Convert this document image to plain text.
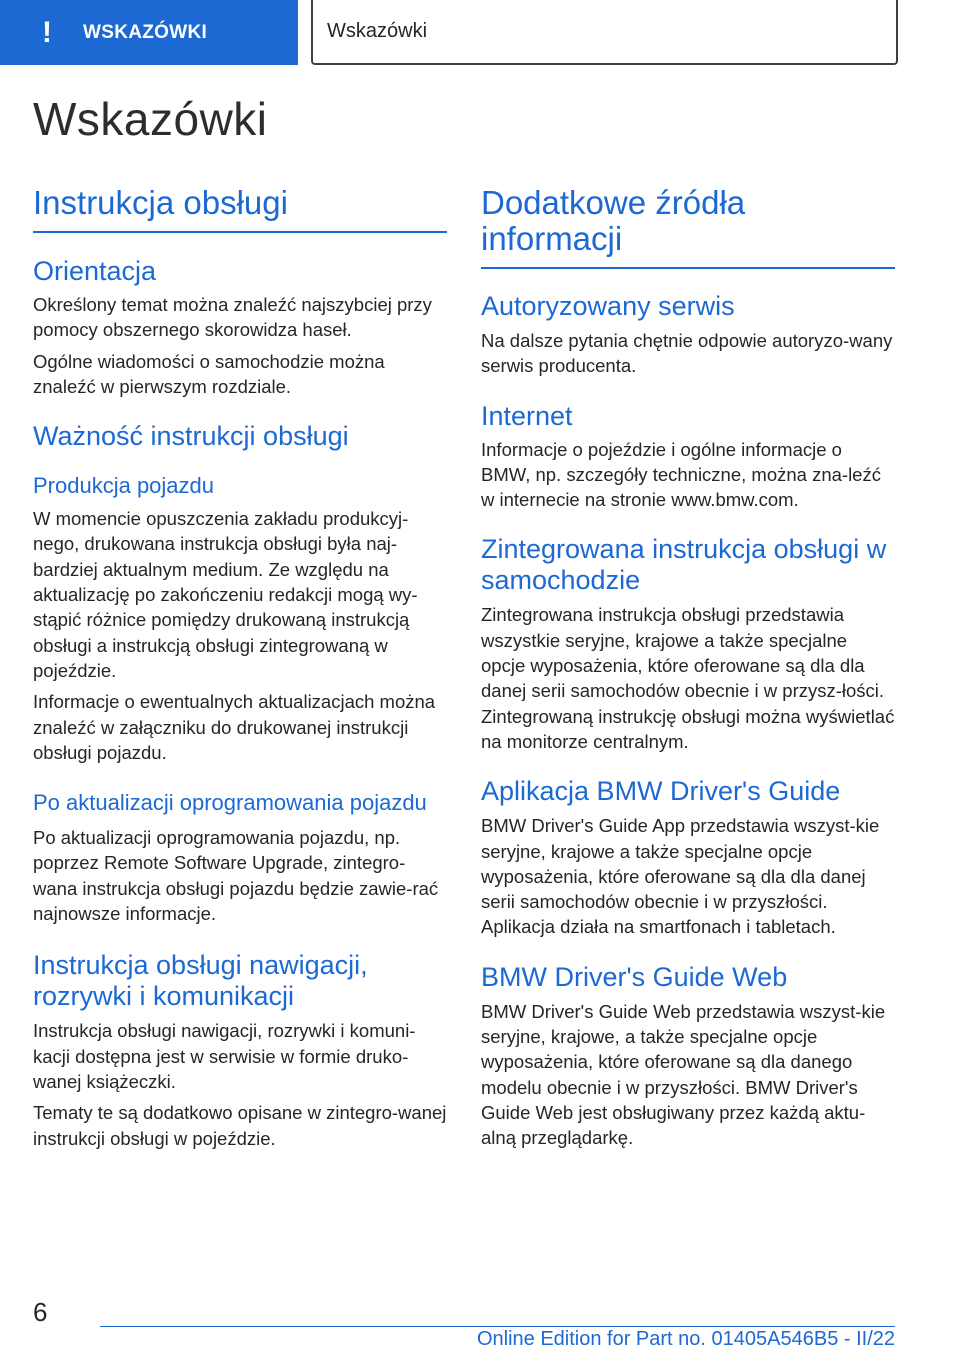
!	WSKAZÓWKI	Wskazówki
Wskazówki
Instrukcja obsługi
Orientacja

Określony temat można znaleźć najszybciej przy pomocy obszernego skorowidza haseł.

Ogólne wiadomości o samochodzie można znaleźć w pierwszym rozdziale.

Ważność instrukcji obsługi
Produkcja pojazdu

W momencie opuszczenia zakładu produkcyj-nego, drukowana instrukcja obsługi była naj-bardziej aktualnym medium. Ze względu na aktualizację po zakończeniu redakcji mogą wy-stąpić różnice pomiędzy drukowaną instrukcją obsługi a instrukcją obsługi zintegrowaną w pojeździe.

Informacje o ewentualnych aktualizacjach można znaleźć w załączniku do drukowanej instrukcji obsługi pojazdu.

Po aktualizacji oprogramowania pojazdu

Po aktualizacji oprogramowania pojazdu, np. poprzez Remote Software Upgrade, zintegro-wana instrukcja obsługi pojazdu będzie zawie-rać najnowsze informacje.

Instrukcja obsługi nawigacji, rozrywki i komunikacji

Instrukcja obsługi nawigacji, rozrywki i komuni-kacji dostępna jest w serwisie w formie druko-wanej książeczki.

Tematy te są dodatkowo opisane w zintegro-wanej instrukcji obsługi w pojeździe.

Dodatkowe źródła informacji
Autoryzowany serwis

Na dalsze pytania chętnie odpowie autoryzo-wany serwis producenta.

Internet

Informacje o pojeździe i ogólne informacje o BMW, np. szczegóły techniczne, można zna-leźć w internecie na stronie www.bmw.com.

Zintegrowana instrukcja obsługi w samochodzie

Zintegrowana instrukcja obsługi przedstawia wszystkie seryjne, krajowe a także specjalne opcje wyposażenia, które oferowane są dla dla danej serii samochodów obecnie i w przysz-łości. Zintegrowaną instrukcję obsługi można wyświetlać na monitorze centralnym.

Aplikacja BMW Driver's Guide

BMW Driver's Guide App przedstawia wszyst-kie seryjne, krajowe a także specjalne opcje wyposażenia, które oferowane są dla dla danej serii samochodów obecnie i w przyszłości. Aplikacja działa na smartfonach i tabletach.

BMW Driver's Guide Web

BMW Driver's Guide Web przedstawia wszyst-kie seryjne, krajowe, a także specjalne opcje wyposażenia, które oferowane są dla danego modelu obecnie i w przyszłości. BMW Driver's Guide Web jest obsługiwany przez każdą aktu-alną przeglądarkę.

6
Online Edition for Part no. 01405A546B5 - II/22
